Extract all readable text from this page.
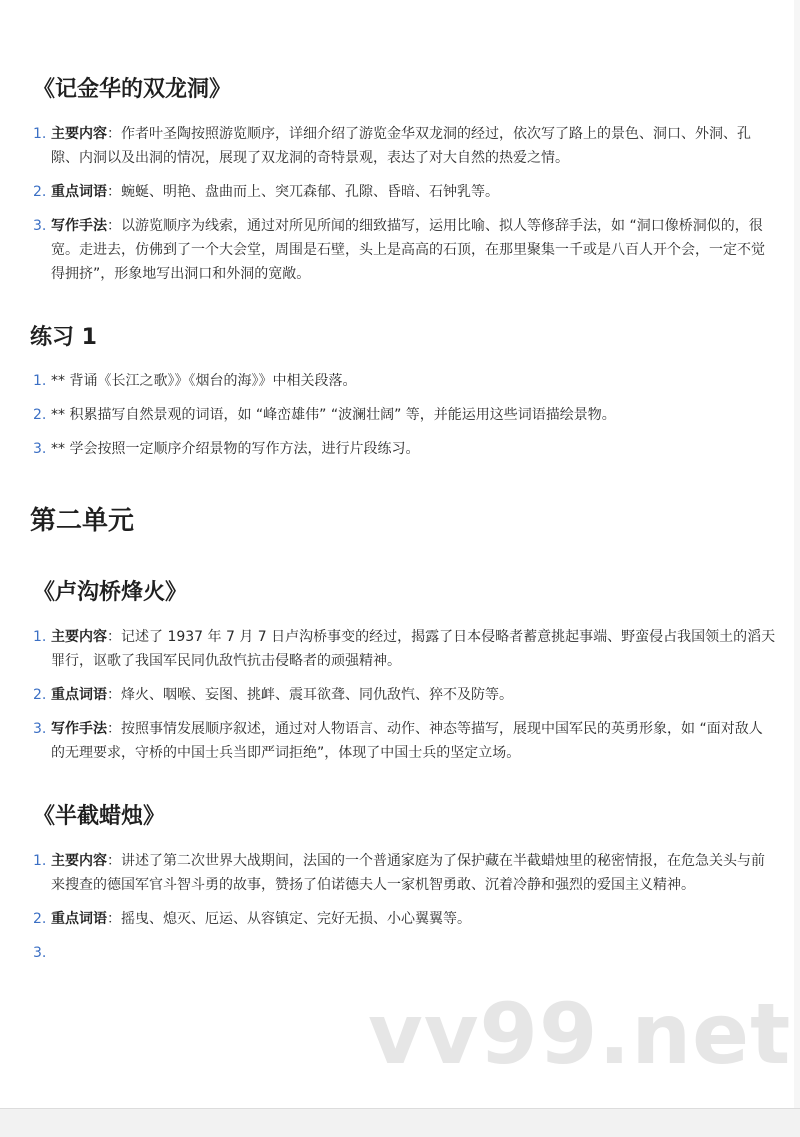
《记金华的双龙洞》
1. 主要内容：作者叶圣陶按照游览顺序，详细介绍了游览金华双龙洞的经过，依次写了路上的景色、洞口、外洞、孔隙、内洞以及出洞的情况，展现了双龙洞的奇特景观，表达了对大自然的热爱之情。
2. 重点词语：蜿蜒、明艳、盘曲而上、突兀森郁、孔隙、昏暗、石钟乳等。
3. 写作手法：以游览顺序为线索，通过对所见所闻的细致描写，运用比喻、拟人等修辞手法，如 “洞口像桥洞似的，很宽。走进去，仿佛到了一个大会堂，周围是石壁，头上是高高的石顶，在那里聚集一千或是八百人开个会，一定不觉得拥挤”，形象地写出洞口和外洞的宽敞。
练习 1
1. ** 背诵《长江之歌》》《烟台的海》》中相关段落。
2. ** 积累描写自然景观的词语，如 “峰峦雄伟” “波澜壮阔” 等，并能运用这些词语描绘景物。
3. ** 学会按照一定顺序介绍景物的写作方法，进行片段练习。
第二单元
《卢沟桥烽火》
1. 主要内容：记述了 1937 年 7 月 7 日卢沟桥事变的经过，揭露了日本侵略者蓄意挑起事端、野蛮侵占我国领土的滔天罪行，讴歌了我国军民同仇敌忾抗击侵略者的顽强精神。
2. 重点词语：烽火、咽喉、妄图、挑衅、震耳欲聋、同仇敌忾、猝不及防等。
3. 写作手法：按照事情发展顺序叙述，通过对人物语言、动作、神态等描写，展现中国军民的英勇形象，如 “面对敌人的无理要求，守桥的中国士兵当即严词拒绝”，体现了中国士兵的坚定立场。
《半截蜡烛》
1. 主要内容：讲述了第二次世界大战期间，法国的一个普通家庭为了保护藏在半截蜡烛里的秘密情报，在危急关头与前来搜查的德国军官斗智斗勇的故事，赞扬了伯诺德夫人一家机智勇敢、沉着冷静和强烈的爱国主义精神。
2. 重点词语：摇曳、熄灭、厄运、从容镇定、完好无损、小心翼翼等。
3.
vv99.net
